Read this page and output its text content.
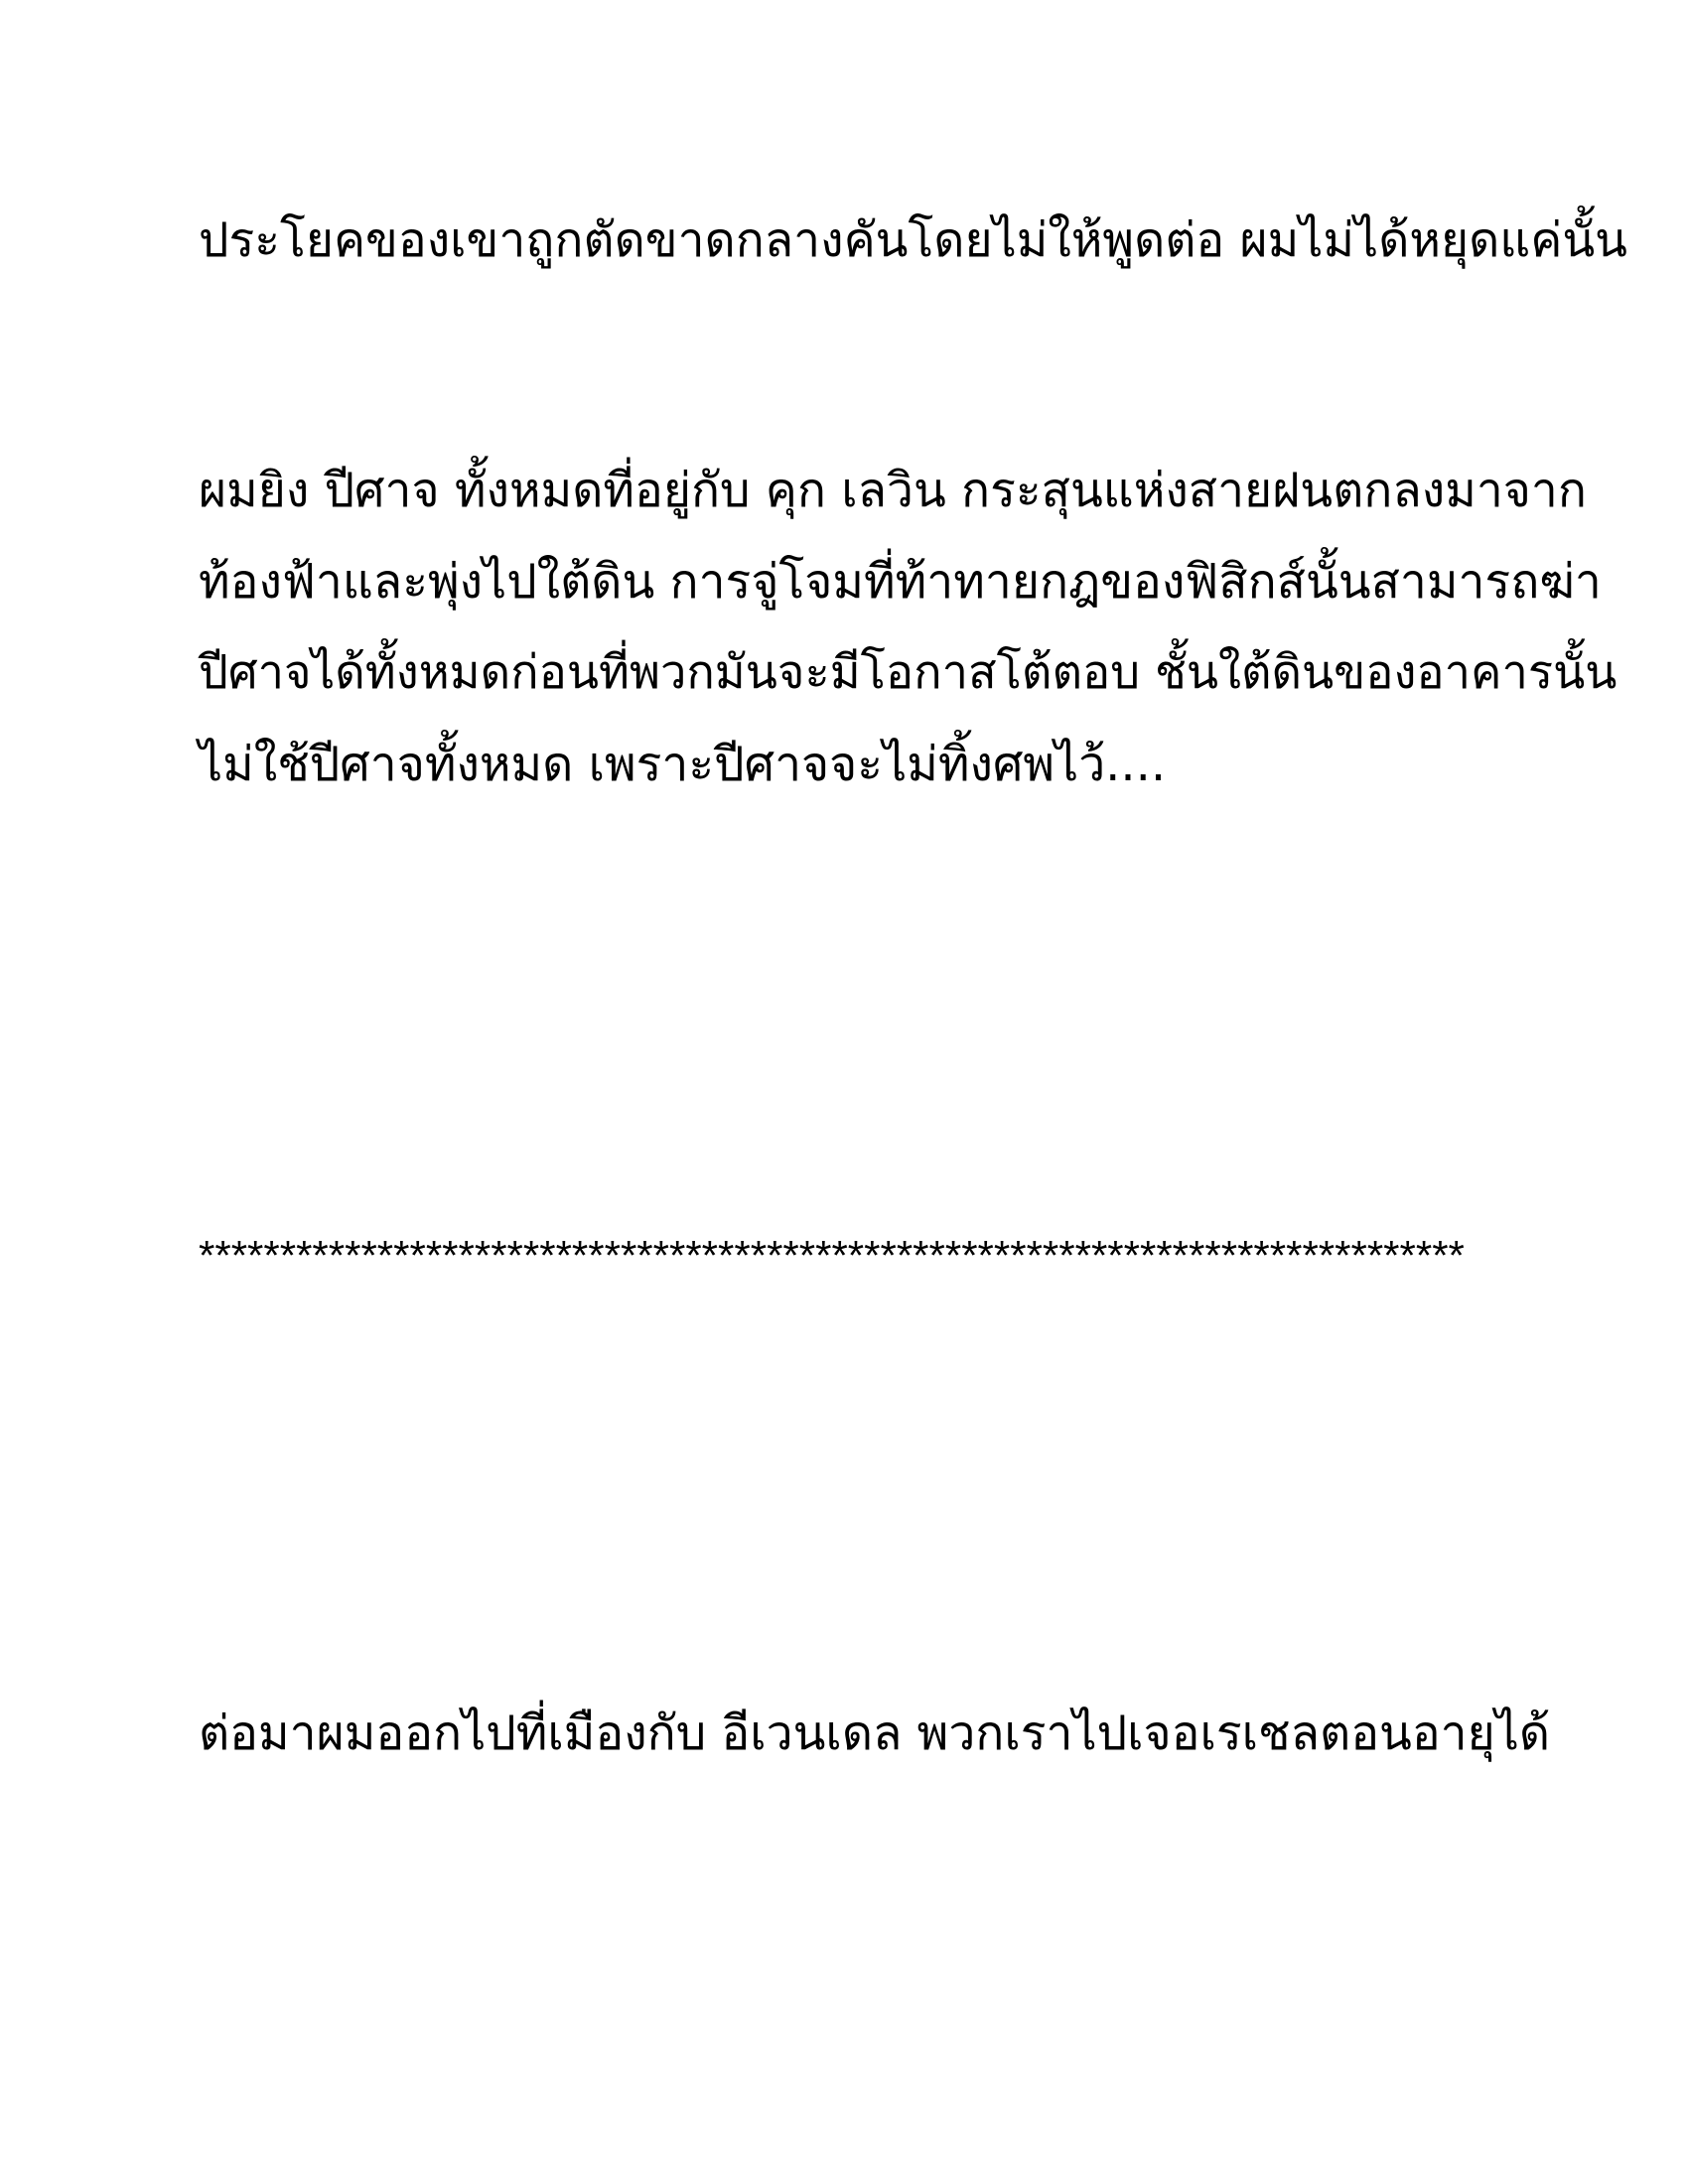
ประโยคของเขาถูกตัดขาดกลางคันโดยไม่ให้พูดต่อ ผมไม่ได้หยุดแค่นั้น
ผมยิง ปีศาจ ทั้งหมดที่อยู่กับ คุก เลวิน กระสุนแห่งสายฝนตกลงมาจาก
ท้องฟ้าและพุ่งไปใต้ดิน การจู่โจมที่ท้าทายกฎของฟิสิกส์นั้นสามารถฆ่า
ปีศาจได้ทั้งหมดก่อนที่พวกมันจะมีโอกาสโต้ตอบ ชั้นใต้ดินของอาคารนั้น
ไม่ใช้ปีศาจทั้งหมด เพราะปีศาจจะไม่ทิ้งศพไว้....
******************************************************************************
ต่อมาผมออกไปที่เมืองกับ อีเวนเดล พวกเราไปเจอเรเชลตอนอายุได้
